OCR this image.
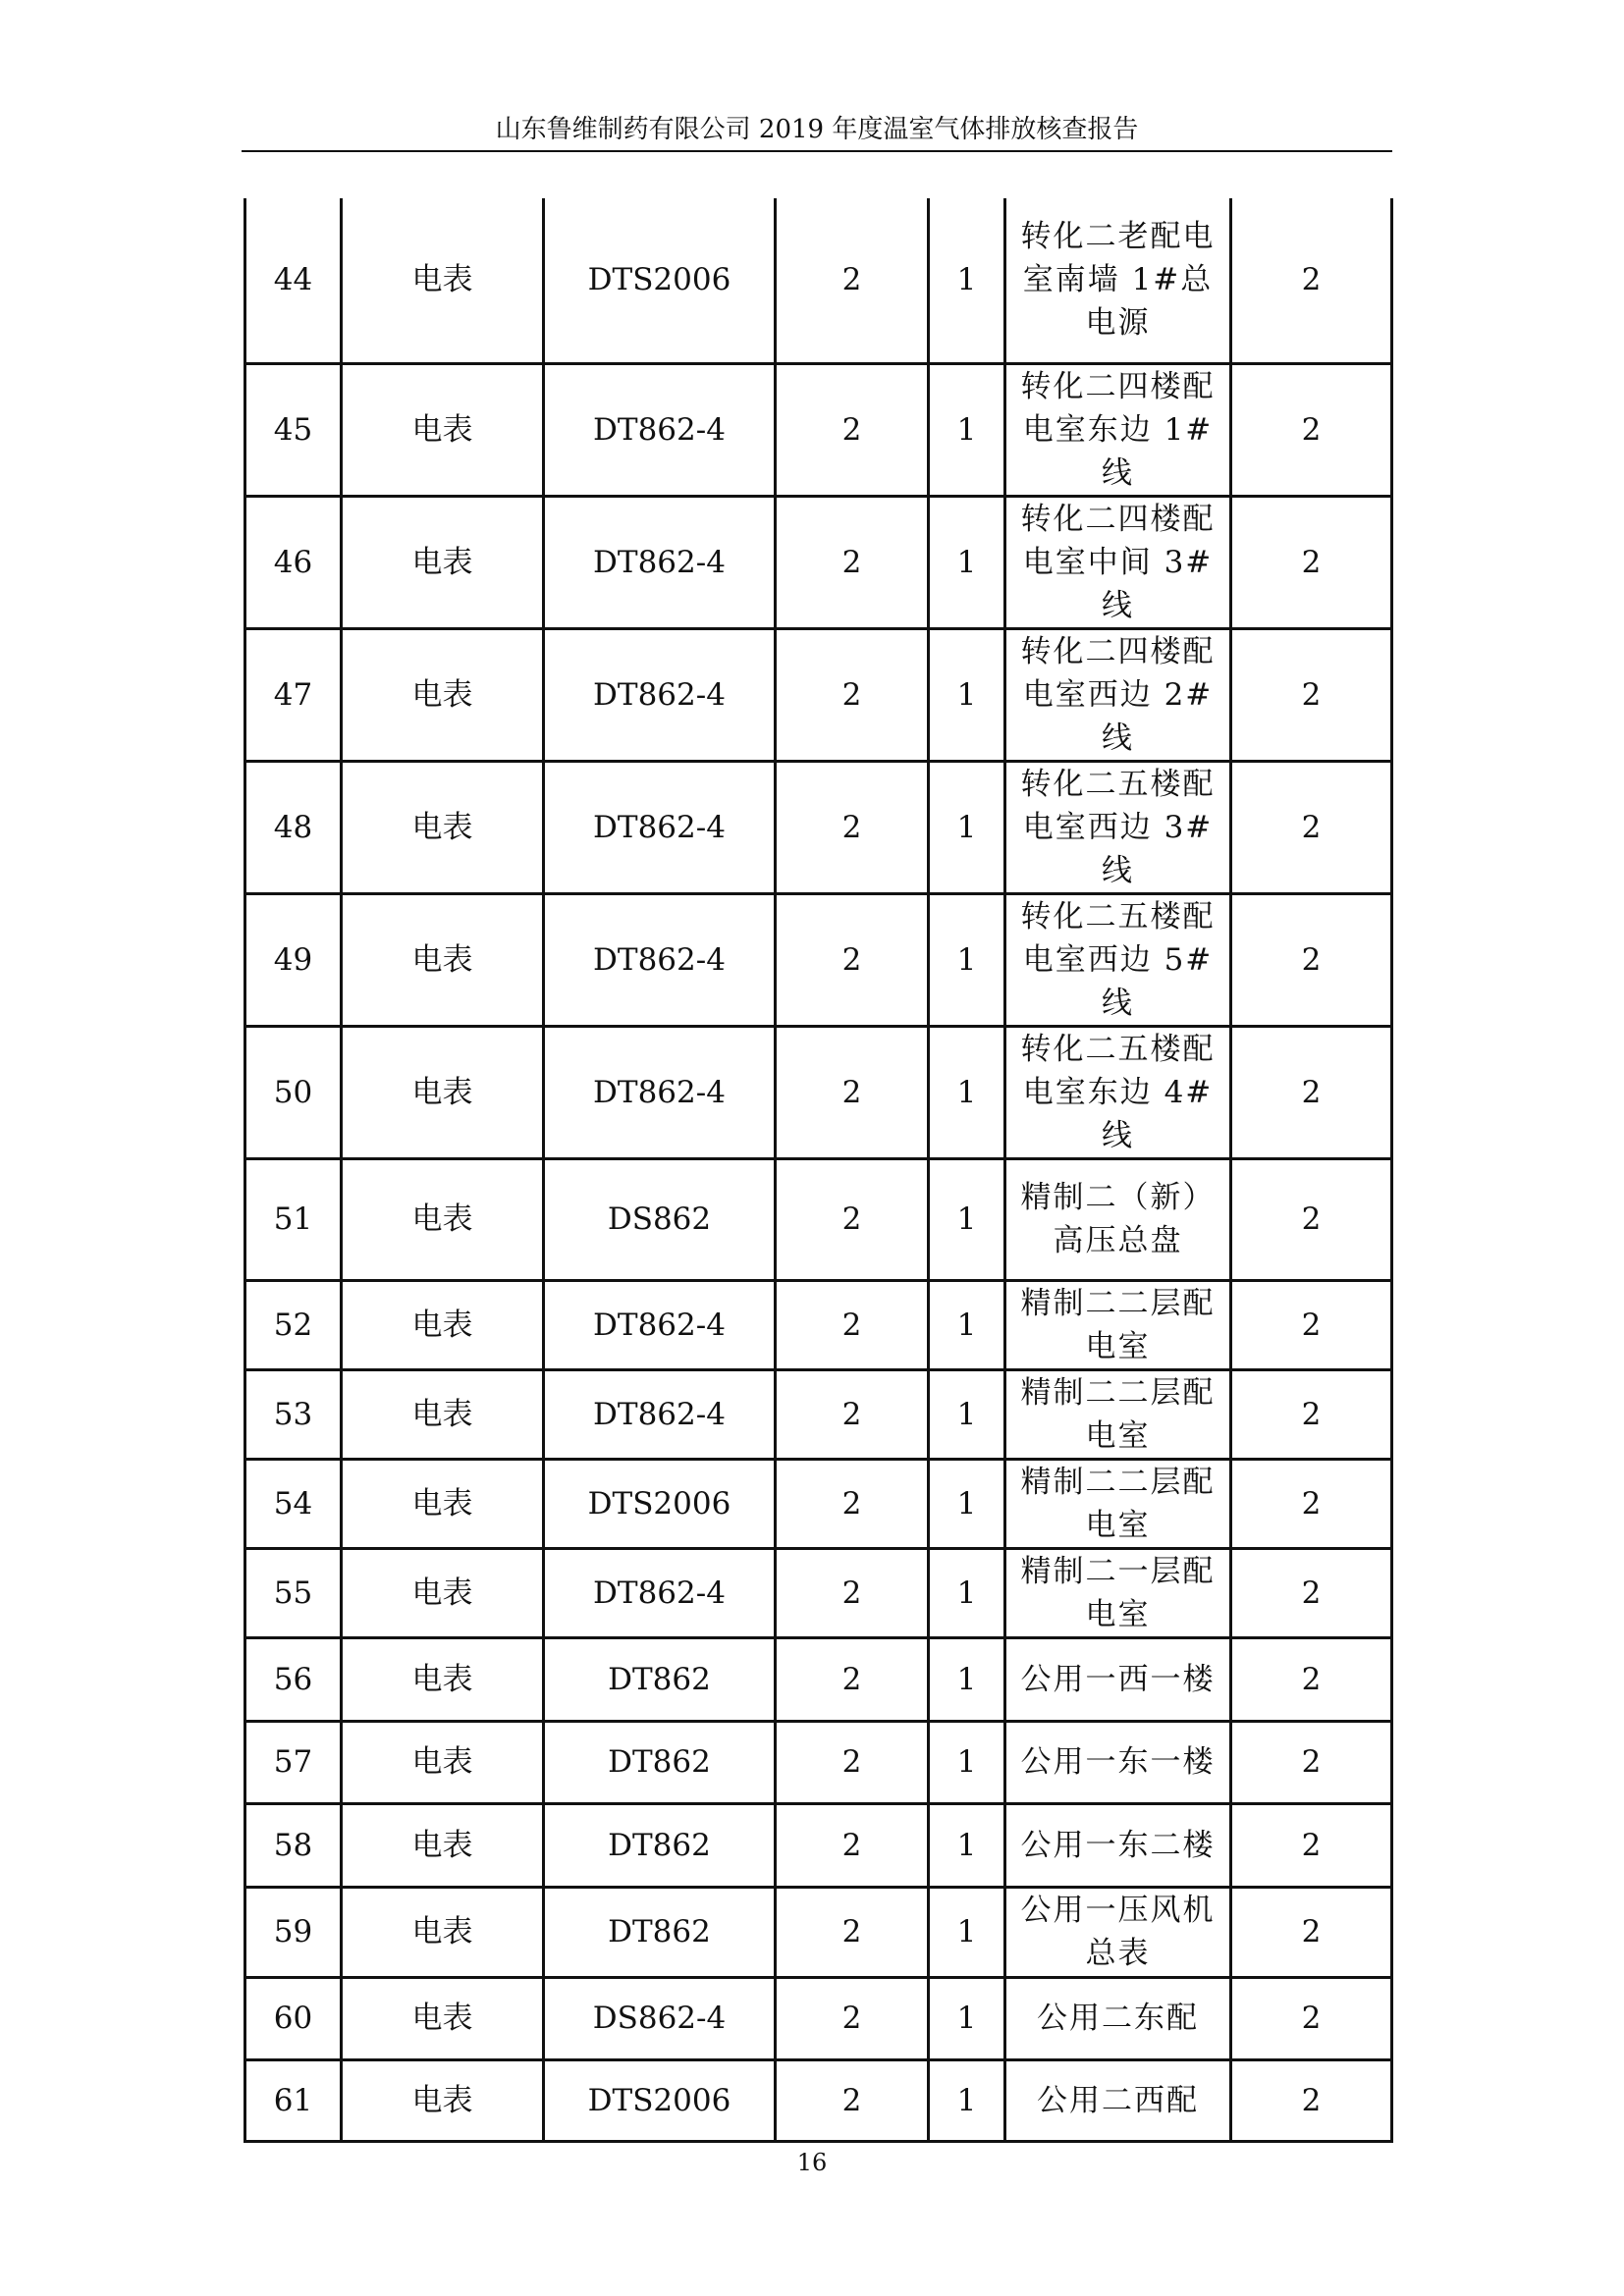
山东鲁维制药有限公司 2019 年度温室气体排放核查报告
44	电表	DTS2006	2	1	转化二老配电室南墙 1#总电源	2
45	电表	DT862-4	2	1	转化二四楼配电室东边 1#线	2
46	电表	DT862-4	2	1	转化二四楼配电室中间 3#线	2
47	电表	DT862-4	2	1	转化二四楼配电室西边 2#线	2
48	电表	DT862-4	2	1	转化二五楼配电室西边 3#线	2
49	电表	DT862-4	2	1	转化二五楼配电室西边 5#线	2
50	电表	DT862-4	2	1	转化二五楼配电室东边 4#线	2
51	电表	DS862	2	1	精制二（新）高压总盘	2
52	电表	DT862-4	2	1	精制二二层配电室	2
53	电表	DT862-4	2	1	精制二二层配电室	2
54	电表	DTS2006	2	1	精制二二层配电室	2
55	电表	DT862-4	2	1	精制二一层配电室	2
56	电表	DT862	2	1	公用一西一楼	2
57	电表	DT862	2	1	公用一东一楼	2
58	电表	DT862	2	1	公用一东二楼	2
59	电表	DT862	2	1	公用一压风机总表	2
60	电表	DS862-4	2	1	公用二东配	2
61	电表	DTS2006	2	1	公用二西配	2
16
